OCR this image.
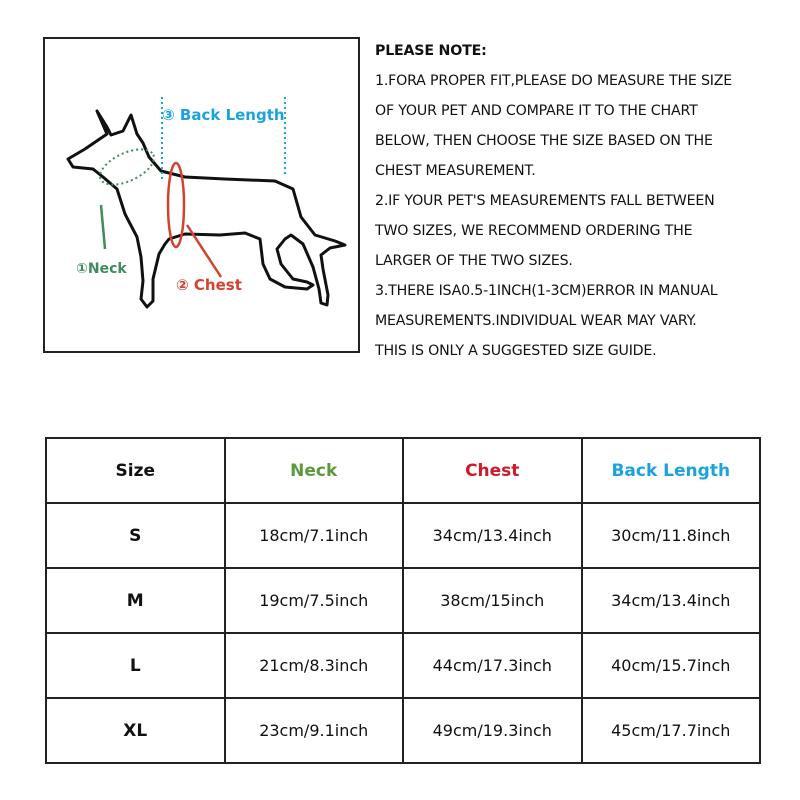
③ Back Length
①Neck
② Chest
PLEASE NOTE:
1.FORA PROPER FIT,PLEASE DO MEASURE THE SIZE
OF YOUR PET AND COMPARE IT TO THE CHART
BELOW, THEN CHOOSE THE SIZE BASED ON THE
CHEST MEASUREMENT.
2.IF YOUR PET'S MEASUREMENTS FALL BETWEEN
TWO SIZES, WE RECOMMEND ORDERING THE
LARGER OF THE TWO SIZES.
3.THERE ISA0.5-1INCH(1-3CM)ERROR IN MANUAL
MEASUREMENTS.INDIVIDUAL WEAR MAY VARY.
THIS IS ONLY A SUGGESTED SIZE GUIDE.
Size	Neck	Chest	Back Length
S	18cm/7.1inch	34cm/13.4inch	30cm/11.8inch
M	19cm/7.5inch	38cm/15inch	34cm/13.4inch
L	21cm/8.3inch	44cm/17.3inch	40cm/15.7inch
XL	23cm/9.1inch	49cm/19.3inch	45cm/17.7inch
